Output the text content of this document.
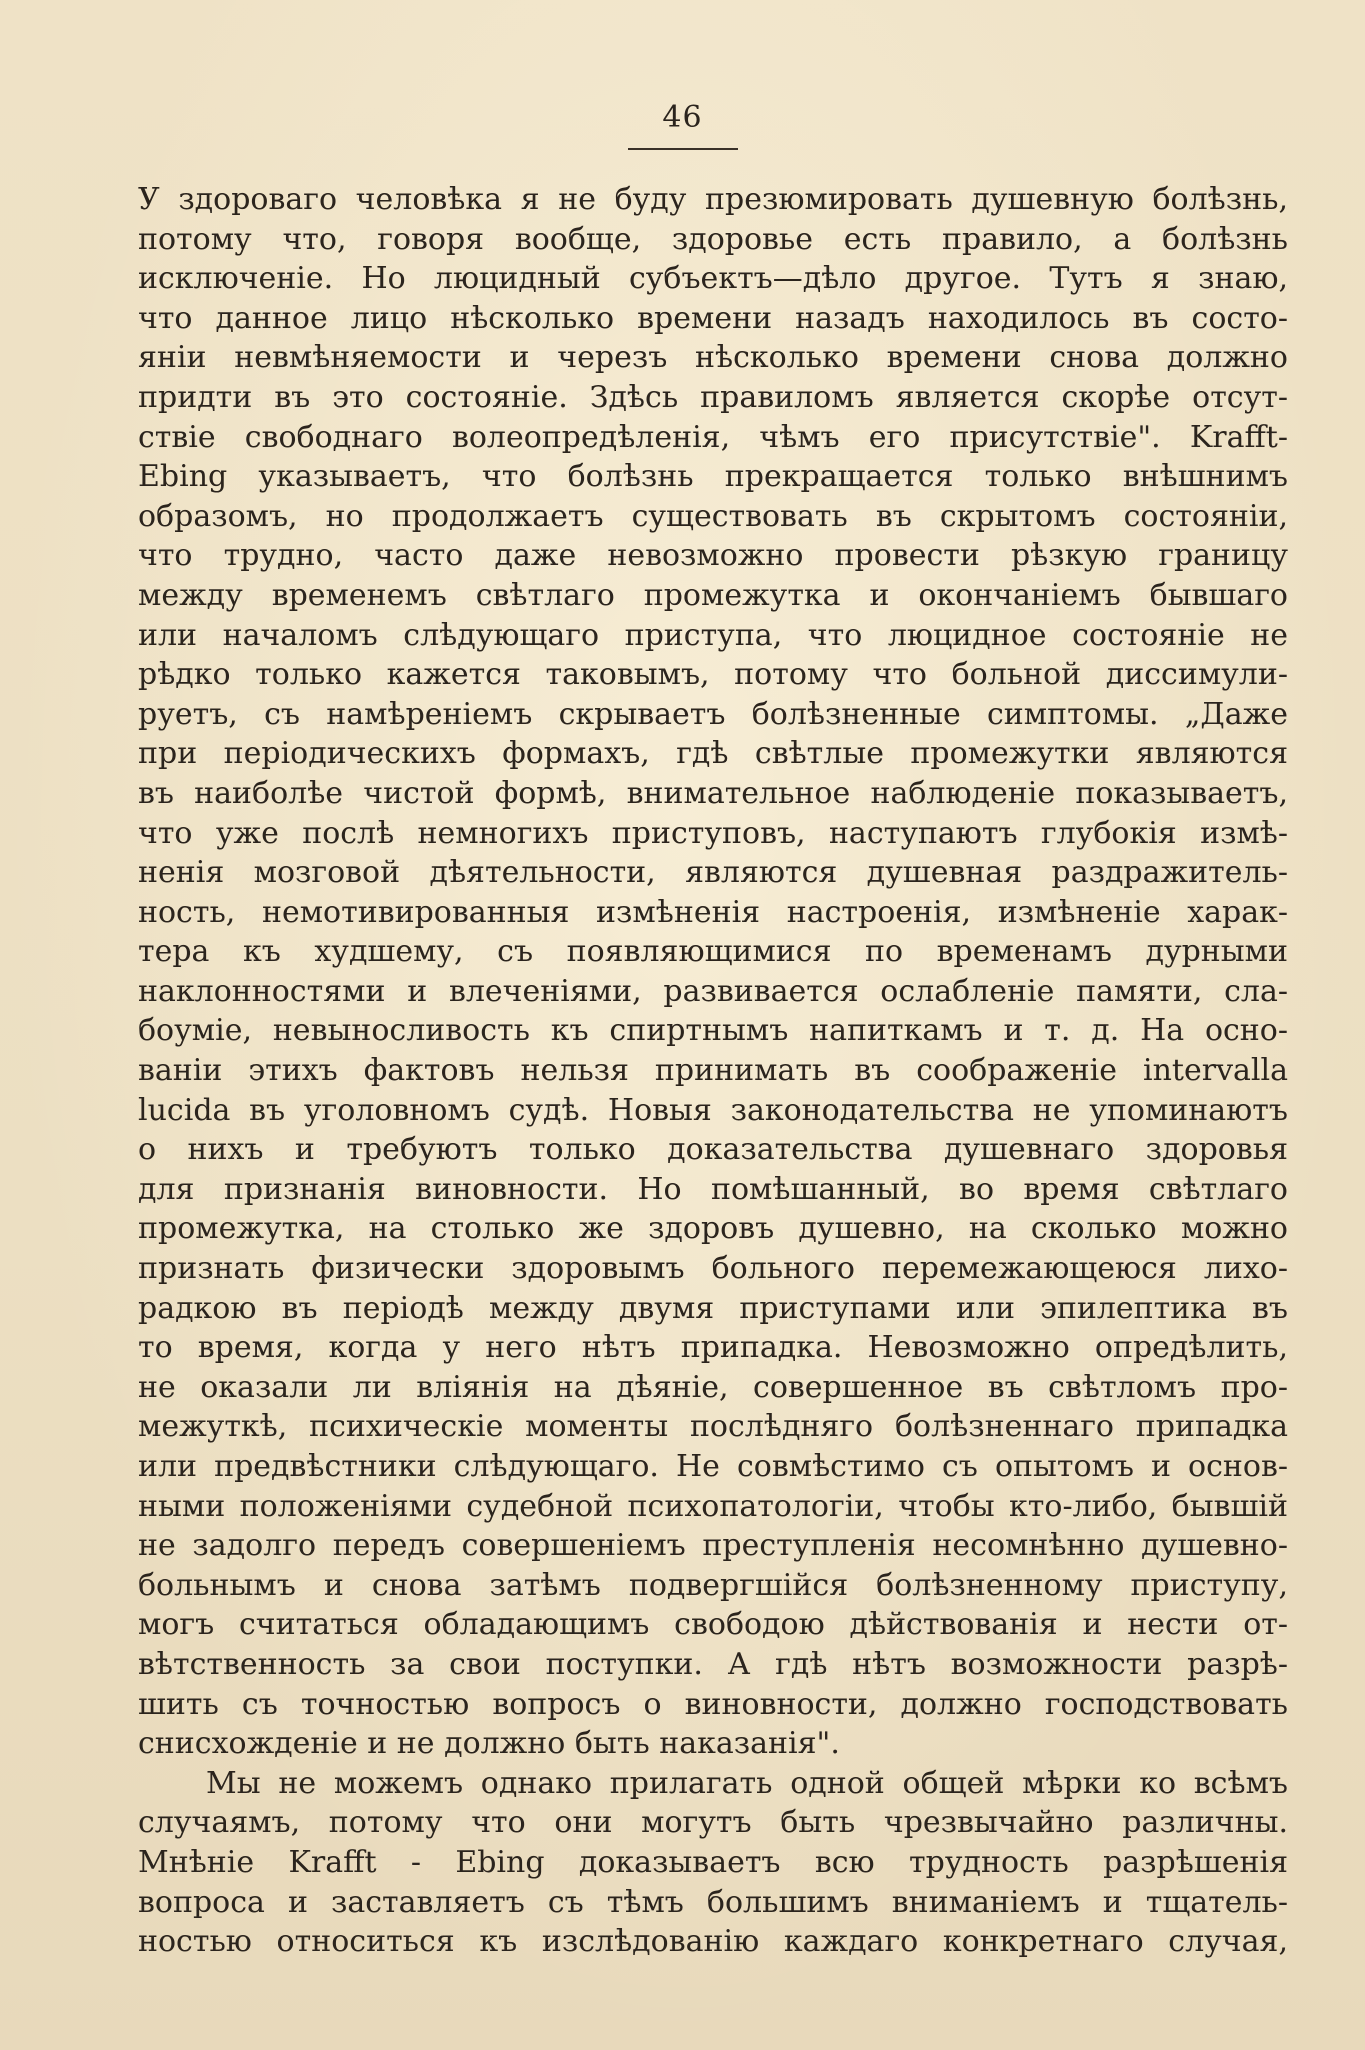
46
У здороваго человѣка я не буду презюмировать душевную болѣзнь,
потому что, говоря вообще, здоровье есть правило, а болѣзнь
исключенiе. Но люцидный субъектъ—дѣло другое. Тутъ я знаю,
что данное лицо нѣсколько времени назадъ находилось въ состо-
янiи невмѣняемости и черезъ нѣсколько времени снова должно
придти въ это состоянiе. Здѣсь правиломъ является скорѣе отсут-
ствiе свободнаго волеопредѣленiя, чѣмъ его присутствiе". Krafft-
Ebing указываетъ, что болѣзнь прекращается только внѣшнимъ
образомъ, но продолжаетъ существовать въ скрытомъ состоянiи,
что трудно, часто даже невозможно провести рѣзкую границу
между временемъ свѣтлаго промежутка и окончанiемъ бывшаго
или началомъ слѣдующаго приступа, что люцидное состоянiе не
рѣдко только кажется таковымъ, потому что больной диссимули-
руетъ, съ намѣренiемъ скрываетъ болѣзненные симптомы. „Даже
при перiодическихъ формахъ, гдѣ свѣтлые промежутки являются
въ наиболѣе чистой формѣ, внимательное наблюденiе показываетъ,
что уже послѣ немногихъ приступовъ, наступаютъ глубокiя измѣ-
ненiя мозговой дѣятельности, являются душевная раздражитель-
ность, немотивированныя измѣненiя настроенiя, измѣненiе харак-
тера къ худшему, съ появляющимися по временамъ дурными
наклонностями и влеченiями, развивается ослабленiе памяти, сла-
боумiе, невыносливость къ спиртнымъ напиткамъ и т. д. На осно-
ванiи этихъ фактовъ нельзя принимать въ соображенiе intervalla
lucida въ уголовномъ судѣ. Новыя законодательства не упоминаютъ
о нихъ и требуютъ только доказательства душевнаго здоровья
для признанiя виновности. Но помѣшанный, во время свѣтлаго
промежутка, на столько же здоровъ душевно, на сколько можно
признать физически здоровымъ больного перемежающеюся лихо-
радкою въ перiодѣ между двумя приступами или эпилептика въ
то время, когда у него нѣтъ припадка. Невозможно опредѣлить,
не оказали ли влiянiя на дѣянiе, совершенное въ свѣтломъ про-
межуткѣ, психическiе моменты послѣдняго болѣзненнаго припадка
или предвѣстники слѣдующаго. Не совмѣстимо съ опытомъ и основ-
ными положенiями судебной психопатологiи, чтобы кто-либо, бывшiй
не задолго передъ совершенiемъ преступленiя несомнѣнно душевно-
больнымъ и снова затѣмъ подвергшiйся болѣзненному приступу,
могъ считаться обладающимъ свободою дѣйствованiя и нести от-
вѣтственность за свои поступки. А гдѣ нѣтъ возможности разрѣ-
шить съ точностью вопросъ о виновности, должно господствовать
снисхожденiе и не должно быть наказанiя".
Мы не можемъ однако прилагать одной общей мѣрки ко всѣмъ
случаямъ, потому что они могутъ быть чрезвычайно различны.
Мнѣнiе Krafft - Ebing доказываетъ всю трудность разрѣшенiя
вопроса и заставляетъ съ тѣмъ большимъ вниманiемъ и тщатель-
ностью относиться къ изслѣдованiю каждаго конкретнаго случая,
